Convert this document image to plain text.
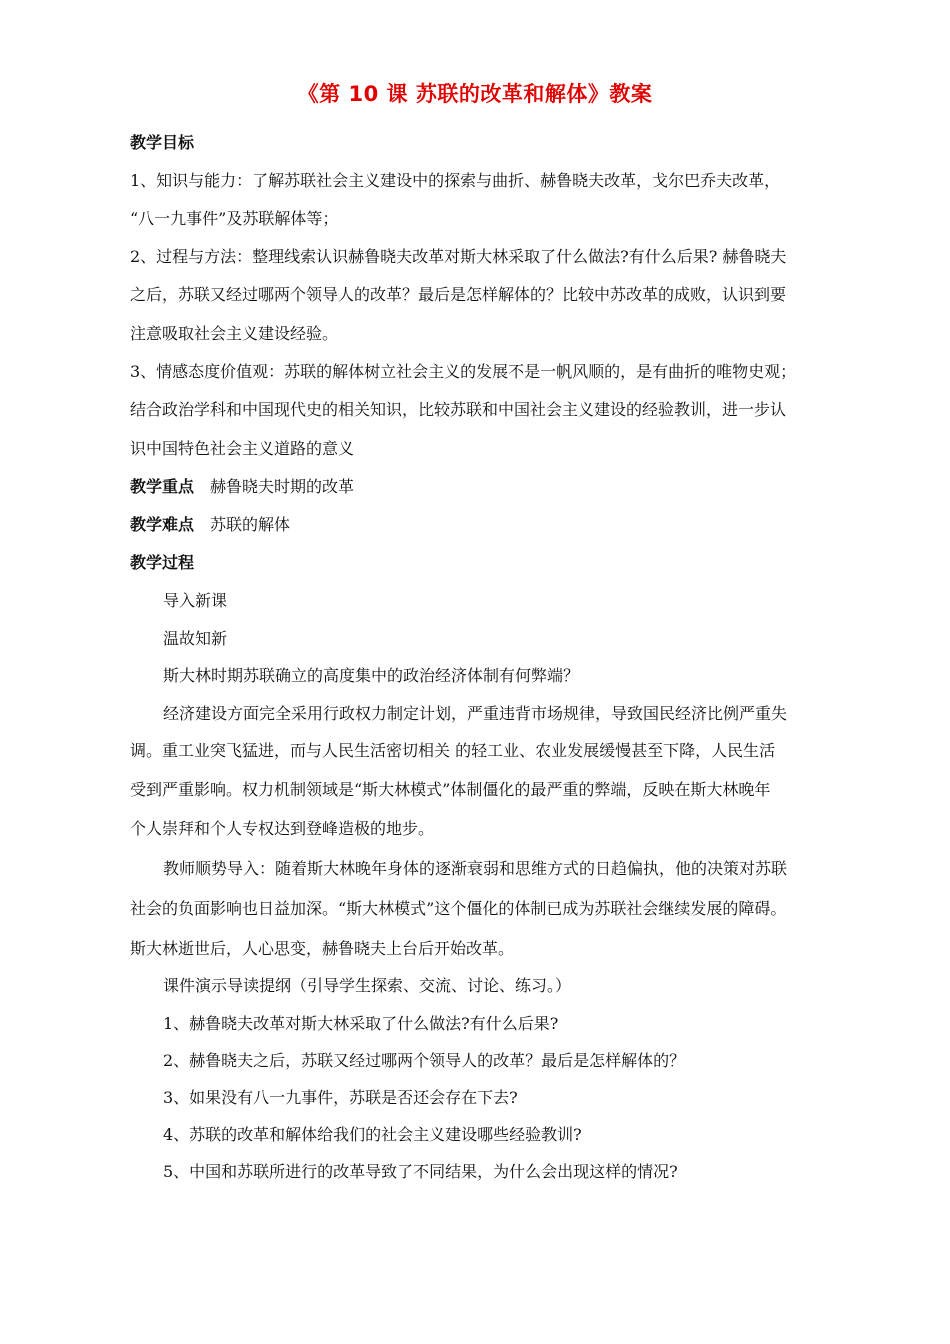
《第 10 课 苏联的改革和解体》教案
教学目标
1、知识与能力：了解苏联社会主义建设中的探索与曲折、赫鲁晓夫改革，戈尔巴乔夫改革，
“八一九事件”及苏联解体等；
2、过程与方法：整理线索认识赫鲁晓夫改革对斯大林采取了什么做法?有什么后果? 赫鲁晓夫
之后，苏联又经过哪两个领导人的改革？最后是怎样解体的？比较中苏改革的成败，认识到要
注意吸取社会主义建设经验。
3、情感态度价值观：苏联的解体树立社会主义的发展不是一帆风顺的，是有曲折的唯物史观；
结合政治学科和中国现代史的相关知识，比较苏联和中国社会主义建设的经验教训，进一步认
识中国特色社会主义道路的意义
教学重点 赫鲁晓夫时期的改革
教学难点 苏联的解体
教学过程
导入新课
温故知新
斯大林时期苏联确立的高度集中的政治经济体制有何弊端？
经济建设方面完全采用行政权力制定计划，严重违背市场规律，导致国民经济比例严重失
调。重工业突飞猛进，而与人民生活密切相关 的轻工业、农业发展缓慢甚至下降，人民生活
受到严重影响。权力机制领域是“斯大林模式”体制僵化的最严重的弊端，反映在斯大林晚年
个人崇拜和个人专权达到登峰造极的地步。
教师顺势导入：随着斯大林晚年身体的逐渐衰弱和思维方式的日趋偏执，他的决策对苏联
社会的负面影响也日益加深。“斯大林模式”这个僵化的体制已成为苏联社会继续发展的障碍。
斯大林逝世后，人心思变，赫鲁晓夫上台后开始改革。
课件演示导读提纲（引导学生探索、交流、讨论、练习。）
1、赫鲁晓夫改革对斯大林采取了什么做法?有什么后果?
2、赫鲁晓夫之后，苏联又经过哪两个领导人的改革？最后是怎样解体的？
3、如果没有八一九事件，苏联是否还会存在下去?
4、苏联的改革和解体给我们的社会主义建设哪些经验教训?
5、中国和苏联所进行的改革导致了不同结果，为什么会出现这样的情况?
